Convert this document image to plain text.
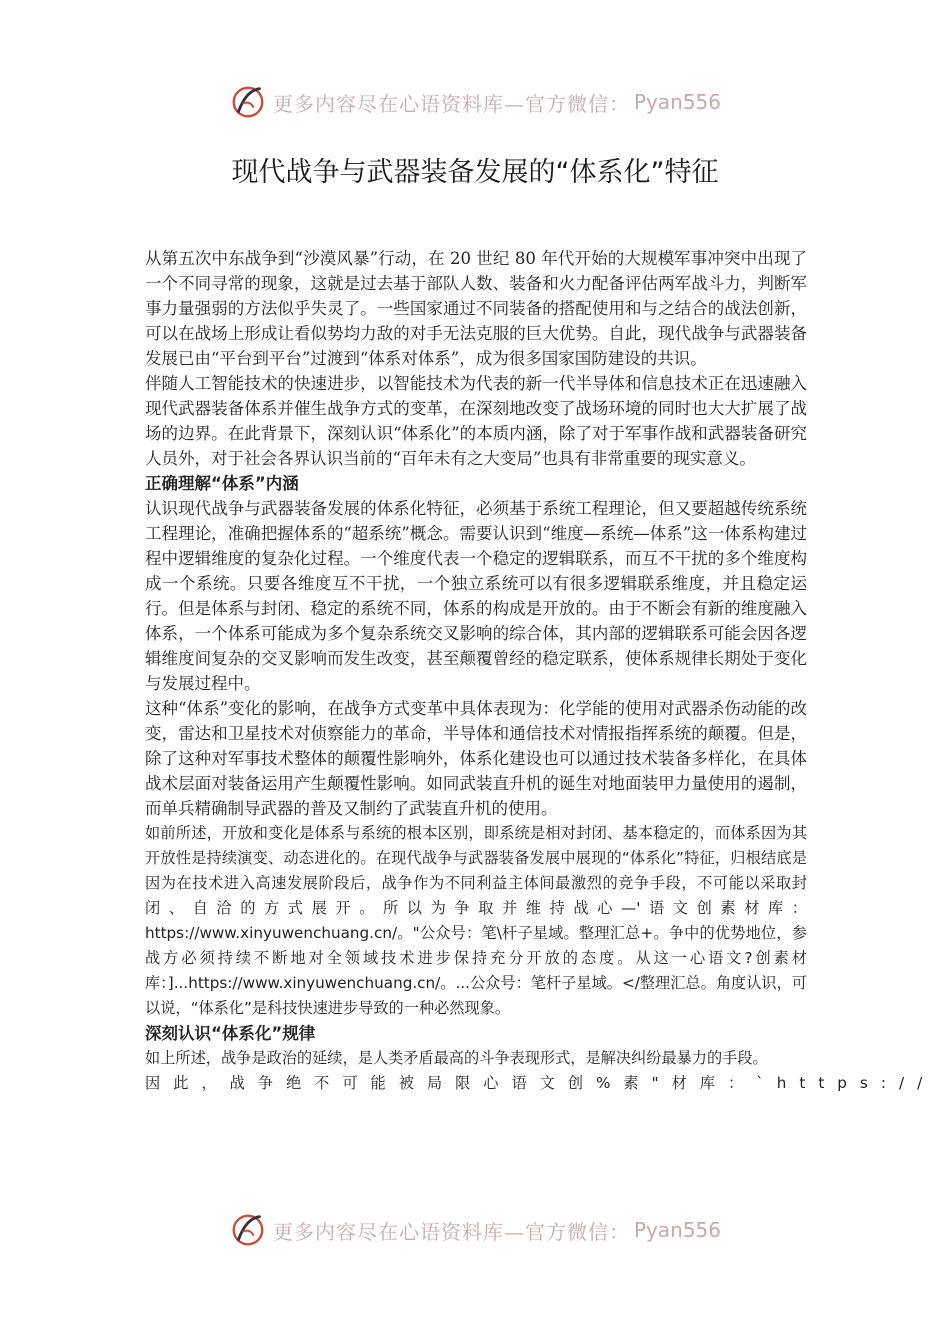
更多内容尽在心语资料库—官方微信： Pyan556
现代战争与武器装备发展的“体系化”特征

从第五次中东战争到“沙漠风暴”行动，在 20 世纪 80 年代开始的大规模军事冲突中出现了一个不同寻常的现象，这就是过去基于部队人数、装备和火力配备评估两军战斗力，判断军事力量强弱的方法似乎失灵了。一些国家通过不同装备的搭配使用和与之结合的战法创新，可以在战场上形成让看似势均力敌的对手无法克服的巨大优势。自此，现代战争与武器装备发展已由“平台到平台”过渡到“体系对体系”，成为很多国家国防建设的共识。

伴随人工智能技术的快速进步，以智能技术为代表的新一代半导体和信息技术正在迅速融入现代武器装备体系并催生战争方式的变革，在深刻地改变了战场环境的同时也大大扩展了战场的边界。在此背景下，深刻认识“体系化”的本质内涵，除了对于军事作战和武器装备研究人员外，对于社会各界认识当前的“百年未有之大变局”也具有非常重要的现实意义。

正确理解“体系”内涵

认识现代战争与武器装备发展的体系化特征，必须基于系统工程理论，但又要超越传统系统工程理论，准确把握体系的“超系统”概念。需要认识到“维度—系统—体系”这一体系构建过程中逻辑维度的复杂化过程。一个维度代表一个稳定的逻辑联系，而互不干扰的多个维度构成一个系统。只要各维度互不干扰，一个独立系统可以有很多逻辑联系维度，并且稳定运行。但是体系与封闭、稳定的系统不同，体系的构成是开放的。由于不断会有新的维度融入体系，一个体系可能成为多个复杂系统交叉影响的综合体，其内部的逻辑联系可能会因各逻辑维度间复杂的交叉影响而发生改变，甚至颠覆曾经的稳定联系，使体系规律长期处于变化与发展过程中。

这种“体系”变化的影响，在战争方式变革中具体表现为：化学能的使用对武器杀伤动能的改变，雷达和卫星技术对侦察能力的革命，半导体和通信技术对情报指挥系统的颠覆。但是，除了这种对军事技术整体的颠覆性影响外，体系化建设也可以通过技术装备多样化，在具体战术层面对装备运用产生颠覆性影响。如同武装直升机的诞生对地面装甲力量使用的遏制，而单兵精确制导武器的普及又制约了武装直升机的使用。

如前所述，开放和变化是体系与系统的根本区别，即系统是相对封闭、基本稳定的，而体系因为其开放性是持续演变、动态进化的。在现代战争与武器装备发展中展现的“体系化”特征，归根结底是因为在技术进入高速发展阶段后，战争作为不同利益主体间最激烈的竞争手段，不可能以采取封闭、自洽的方式展开。所以为争取并维持战心—'语文创素材库：https://www.xinyuwenchuang.cn/。"公众号：笔\杆子星域。整理汇总+。争中的优势地位，参战方必须持续不断地对全领域技术进步保持充分开放的态度。从这一心语文?创素材库：]...https://www.xinyuwenchuang.cn/。...公众号：笔杆子星域。</整理汇总。角度认识，可以说，“体系化”是科技快速进步导致的一种必然现象。

深刻认识“体系化”规律

如上所述，战争是政治的延续，是人类矛盾最高的斗争表现形式，是解决纠纷最暴力的手段。

因此，战争绝不可能被局限心语文创%素"材库：`https://

更多内容尽在心语资料库—官方微信： Pyan556
